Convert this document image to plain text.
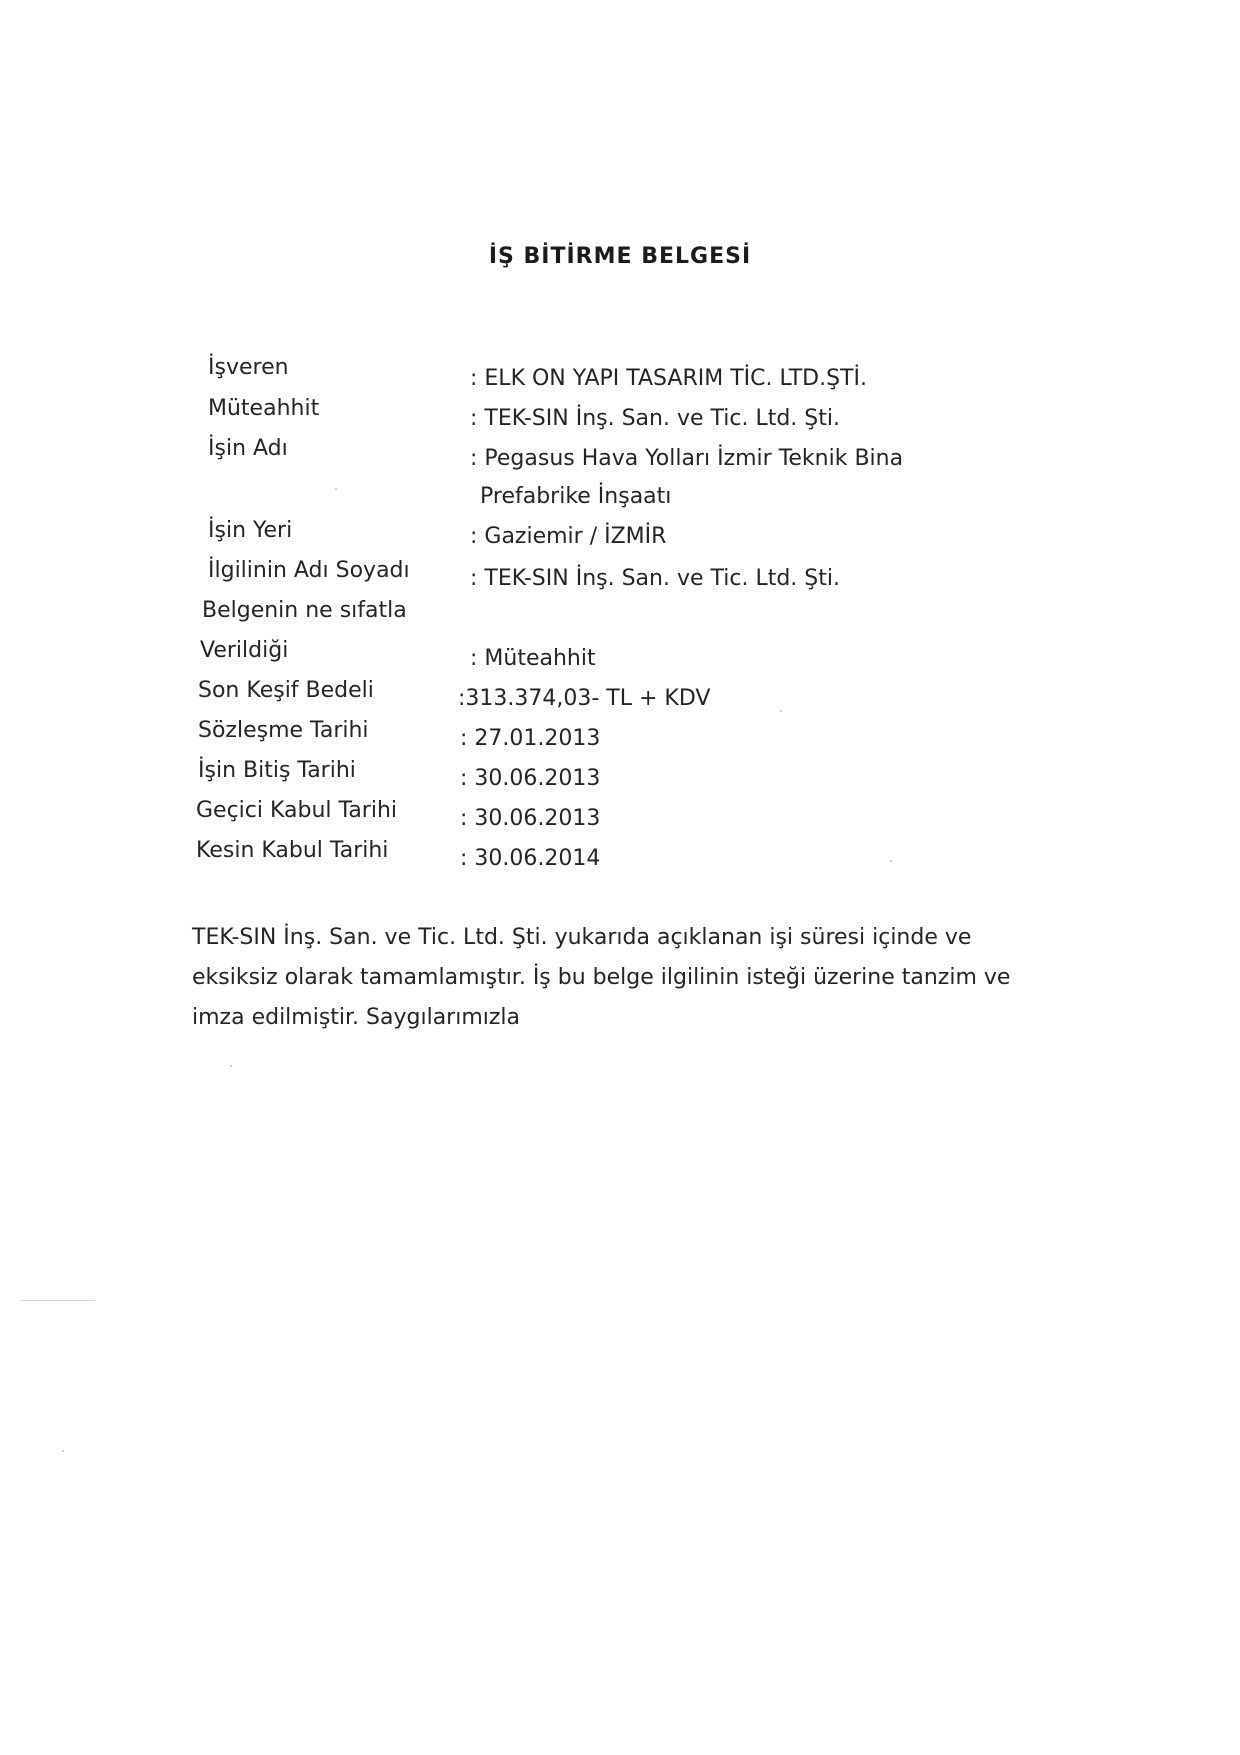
İŞ BİTİRME BELGESİ
İşveren	: ELK ON YAPI TASARIM TİC. LTD.ŞTİ.
Müteahhit	: TEK-SIN İnş. San. ve Tic. Ltd. Şti.
İşin Adı	: Pegasus Hava Yolları İzmir Teknik Bina
Prefabrike İnşaatı
İşin Yeri	: Gaziemir / İZMİR
İlgilinin Adı Soyadı	: TEK-SIN İnş. San. ve Tic. Ltd. Şti.
Belgenin ne sıfatla
Verildiği	: Müteahhit
Son Keşif Bedeli	:313.374,03- TL + KDV
Sözleşme Tarihi	: 27.01.2013
İşin Bitiş Tarihi	: 30.06.2013
Geçici Kabul Tarihi	: 30.06.2013
Kesin Kabul Tarihi	: 30.06.2014

TEK-SIN İnş. San. ve Tic. Ltd. Şti. yukarıda açıklanan işi süresi içinde ve

eksiksiz olarak tamamlamıştır. İş bu belge ilgilinin isteği üzerine tanzim ve

imza edilmiştir. Saygılarımızla
